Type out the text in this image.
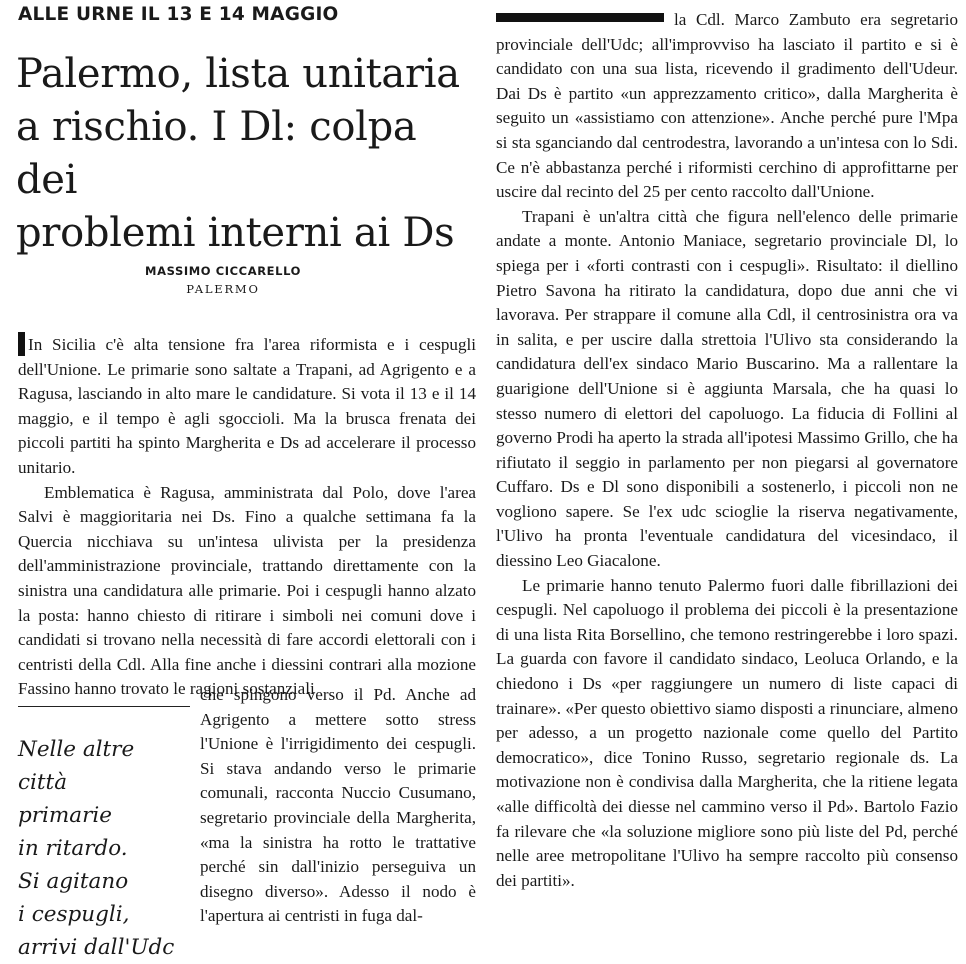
ALLE URNE IL 13 E 14 MAGGIO
Palermo, lista unitaria
a rischio. I Dl: colpa dei
problemi interni ai Ds
MASSIMO CICCARELLO
PALERMO

In Sicilia c'è alta tensione fra l'area riformista e i cespugli dell'Unione. Le primarie sono saltate a Trapani, ad Agrigento e a Ragusa, lasciando in alto mare le candidature. Si vota il 13 e il 14 maggio, e il tempo è agli sgoccioli. Ma la brusca frenata dei piccoli partiti ha spinto Margherita e Ds ad accelerare il processo unitario.

Emblematica è Ragusa, amministrata dal Polo, dove l'area Salvi è maggioritaria nei Ds. Fino a qualche settimana fa la Quercia nicchiava su un'intesa ulivista per la presidenza dell'amministrazione provinciale, trattando direttamente con la sinistra una candidatura alle primarie. Poi i cespugli hanno alzato la posta: hanno chiesto di ritirare i simboli nei comuni dove i candidati si trovano nella necessità di fare accordi elettorali con i centristi della Cdl. Alla fine anche i diessini contrari alla mozione Fassino hanno trovato le ragioni sostanziali

Nelle altre città
primarie
in ritardo.
Si agitano
i cespugli,
arrivi dall'Udc

che spingono verso il Pd. Anche ad Agrigento a mettere sotto stress l'Unione è l'irrigidimento dei cespugli. Si stava andando verso le primarie comunali, racconta Nuccio Cusumano, segretario provinciale della Margherita, «ma la sinistra ha rotto le trattative perché sin dall'inizio perseguiva un disegno diverso». Adesso il nodo è l'apertura ai centristi in fuga dal-

la Cdl. Marco Zambuto era segretario provinciale dell'Udc; all'improvviso ha lasciato il partito e si è candidato con una sua lista, ricevendo il gradimento dell'Udeur. Dai Ds è partito «un apprezzamento critico», dalla Margherita è seguito un «assistiamo con attenzione». Anche perché pure l'Mpa si sta sganciando dal centrodestra, lavorando a un'intesa con lo Sdi. Ce n'è abbastanza perché i riformisti cerchino di approfittarne per uscire dal recinto del 25 per cento raccolto dall'Unione.

Trapani è un'altra città che figura nell'elenco delle primarie andate a monte. Antonio Maniace, segretario provinciale Dl, lo spiega per i «forti contrasti con i cespugli». Risultato: il diellino Pietro Savona ha ritirato la candidatura, dopo due anni che vi lavorava. Per strappare il comune alla Cdl, il centrosinistra ora va in salita, e per uscire dalla strettoia l'Ulivo sta considerando la candidatura dell'ex sindaco Mario Buscarino. Ma a rallentare la guarigione dell'Unione si è aggiunta Marsala, che ha quasi lo stesso numero di elettori del capoluogo. La fiducia di Follini al governo Prodi ha aperto la strada all'ipotesi Massimo Grillo, che ha rifiutato il seggio in parlamento per non piegarsi al governatore Cuffaro. Ds e Dl sono disponibili a sostenerlo, i piccoli non ne vogliono sapere. Se l'ex udc scioglie la riserva negativamente, l'Ulivo ha pronta l'eventuale candidatura del vicesindaco, il diessino Leo Giacalone.

Le primarie hanno tenuto Palermo fuori dalle fibrillazioni dei cespugli. Nel capoluogo il problema dei piccoli è la presentazione di una lista Rita Borsellino, che temono restringerebbe i loro spazi. La guarda con favore il candidato sindaco, Leoluca Orlando, e la chiedono i Ds «per raggiungere un numero di liste capaci di trainare». «Per questo obiettivo siamo disposti a rinunciare, almeno per adesso, a un progetto nazionale come quello del Partito democratico», dice Tonino Russo, segretario regionale ds. La motivazione non è condivisa dalla Margherita, che la ritiene legata «alle difficoltà dei diesse nel cammino verso il Pd». Bartolo Fazio fa rilevare che «la soluzione migliore sono più liste del Pd, perché nelle aree metropolitane l'Ulivo ha sempre raccolto più consenso dei partiti».
